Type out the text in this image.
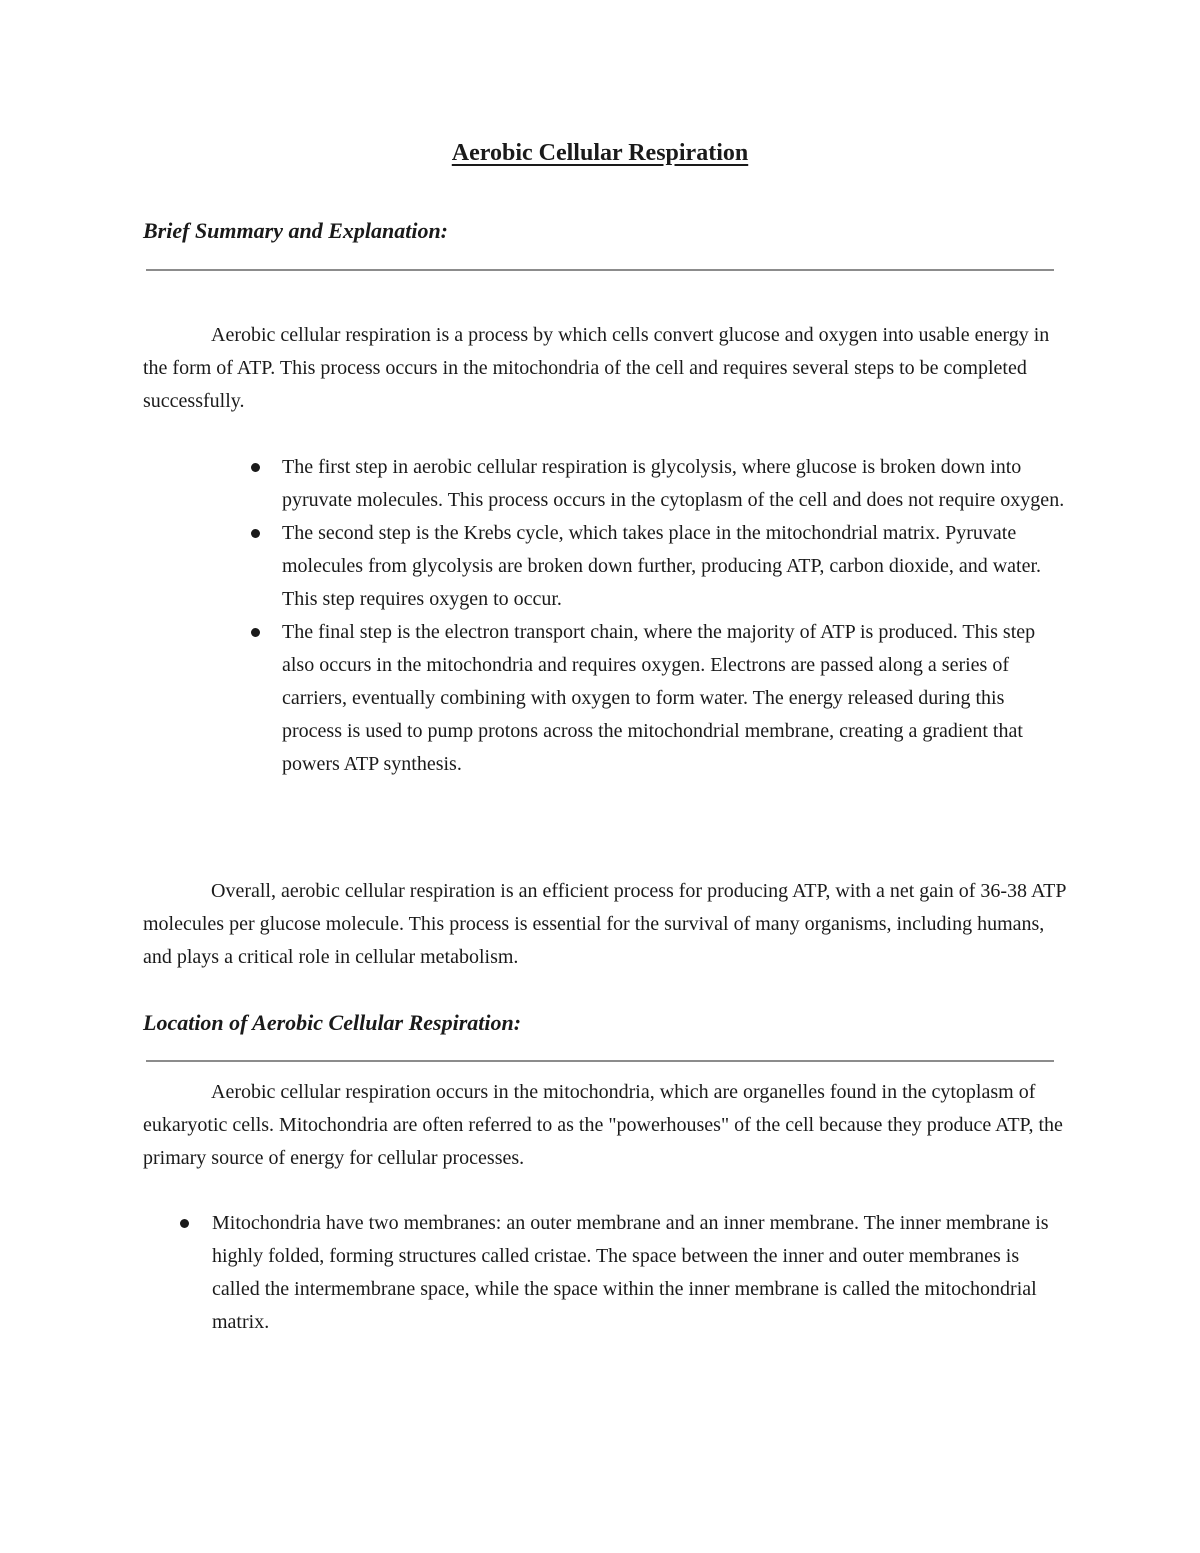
Aerobic Cellular Respiration
Brief Summary and Explanation:

Aerobic cellular respiration is a process by which cells convert glucose and oxygen into usable energy in the form of ATP. This process occurs in the mitochondria of the cell and requires several steps to be completed successfully.

The first step in aerobic cellular respiration is glycolysis, where glucose is broken down into pyruvate molecules. This process occurs in the cytoplasm of the cell and does not require oxygen.
The second step is the Krebs cycle, which takes place in the mitochondrial matrix. Pyruvate molecules from glycolysis are broken down further, producing ATP, carbon dioxide, and water. This step requires oxygen to occur.
The final step is the electron transport chain, where the majority of ATP is produced. This step also occurs in the mitochondria and requires oxygen. Electrons are passed along a series of carriers, eventually combining with oxygen to form water. The energy released during this process is used to pump protons across the mitochondrial membrane, creating a gradient that powers ATP synthesis.

Overall, aerobic cellular respiration is an efficient process for producing ATP, with a net gain of 36-38 ATP molecules per glucose molecule. This process is essential for the survival of many organisms, including humans, and plays a critical role in cellular metabolism.

Location of Aerobic Cellular Respiration:

Aerobic cellular respiration occurs in the mitochondria, which are organelles found in the cytoplasm of eukaryotic cells. Mitochondria are often referred to as the "powerhouses" of the cell because they produce ATP, the primary source of energy for cellular processes.

Mitochondria have two membranes: an outer membrane and an inner membrane. The inner membrane is highly folded, forming structures called cristae. The space between the inner and outer membranes is called the intermembrane space, while the space within the inner membrane is called the mitochondrial matrix.
